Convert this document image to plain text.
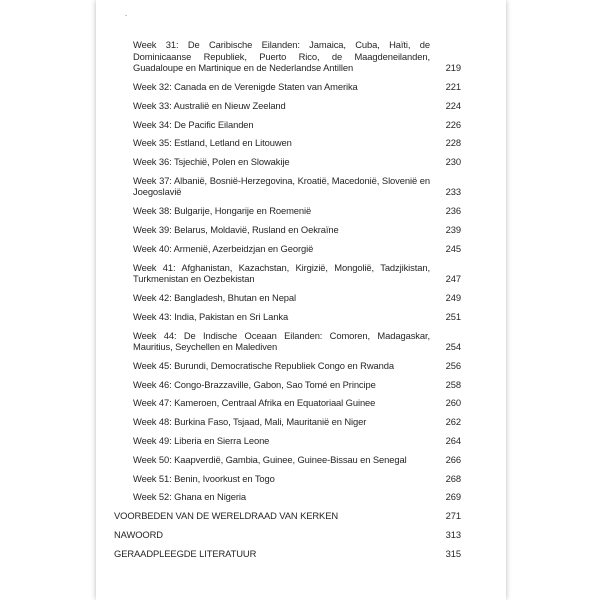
Week 31: De Caribische Eilanden: Jamaica, Cuba, Haïti, de Dominicaanse Republiek, Puerto Rico, de Maagdeneilanden, Guadaloupe en Martinique en de Nederlandse Antillen	219
Week 32: Canada en de Verenigde Staten van Amerika	221
Week 33: Australië en Nieuw Zeeland	224
Week 34: De Pacific Eilanden	226
Week 35: Estland, Letland en Litouwen	228
Week 36: Tsjechië, Polen en Slowakije	230
Week 37: Albanië, Bosnië-Herzegovina, Kroatië, Macedonië, Slovenië en Joegoslavië	233
Week 38: Bulgarije, Hongarije en Roemenië	236
Week 39: Belarus, Moldavië, Rusland en Oekraïne	239
Week 40: Armenië, Azerbeidzjan en Georgië	245
Week 41: Afghanistan, Kazachstan, Kirgizië, Mongolië, Tadzjikistan, Turkmenistan en Oezbekistan	247
Week 42: Bangladesh, Bhutan en Nepal	249
Week 43: India, Pakistan en Sri Lanka	251
Week 44: De Indische Oceaan Eilanden: Comoren, Madagaskar, Mauritius, Seychellen en Malediven	254
Week 45: Burundi, Democratische Republiek Congo en Rwanda	256
Week 46: Congo-Brazzaville, Gabon, Sao Tomé en Principe	258
Week 47: Kameroen, Centraal Afrika en Equatoriaal Guinee	260
Week 48: Burkina Faso, Tsjaad, Mali, Mauritanië en Niger	262
Week 49: Liberia en Sierra Leone	264
Week 50: Kaapverdië, Gambia, Guinee, Guinee-Bissau en Senegal	266
Week 51: Benin, Ivoorkust en Togo	268
Week 52: Ghana en Nigeria	269
VOORBEDEN VAN DE WERELDRAAD VAN KERKEN	271
NAWOORD	313
GERAADPLEEGDE LITERATUUR	315
